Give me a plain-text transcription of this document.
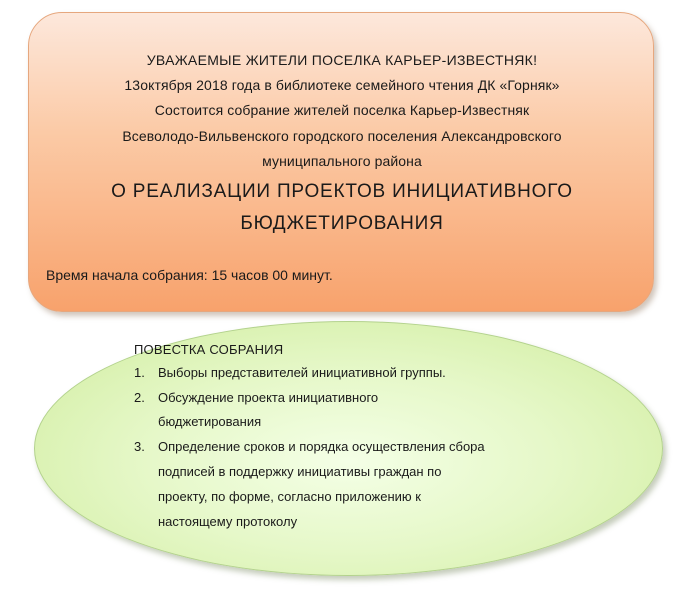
УВАЖАЕМЫЕ ЖИТЕЛИ ПОСЕЛКА КАРЬЕР-ИЗВЕСТНЯК!
13октября 2018 года в библиотеке семейного чтения ДК «Горняк»
Состоится собрание жителей поселка Карьер-Известняк
Всеволодо-Вильвенского городского поселения Александровского
муниципального района
О РЕАЛИЗАЦИИ ПРОЕКТОВ ИНИЦИАТИВНОГО
БЮДЖЕТИРОВАНИЯ
Время начала собрания: 15 часов 00 минут.
ПОВЕСТКА СОБРАНИЯ
1. Выборы представителей инициативной группы.
2. Обсуждение проекта инициативного
бюджетирования
3. Определение сроков и порядка осуществления сбора
подписей в поддержку инициативы граждан по
проекту, по форме, согласно приложению к
настоящему протоколу
